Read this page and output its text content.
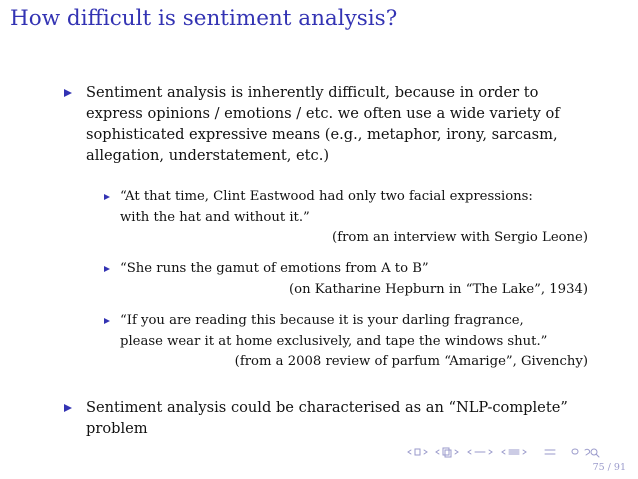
How difficult is sentiment analysis?
Sentiment analysis is inherently difficult, because in order to
express opinions / emotions / etc. we often use a wide variety of
sophisticated expressive means (e.g., metaphor, irony, sarcasm,
allegation, understatement, etc.)
“At that time, Clint Eastwood had only two facial expressions:
with the hat and without it.”
(from an interview with Sergio Leone)
“She runs the gamut of emotions from A to B”
(on Katharine Hepburn in “The Lake”, 1934)
“If you are reading this because it is your darling fragrance,
please wear it at home exclusively, and tape the windows shut.”
(from a 2008 review of parfum “Amarige”, Givenchy)
Sentiment analysis could be characterised as an “NLP-complete”
problem
75 / 91
